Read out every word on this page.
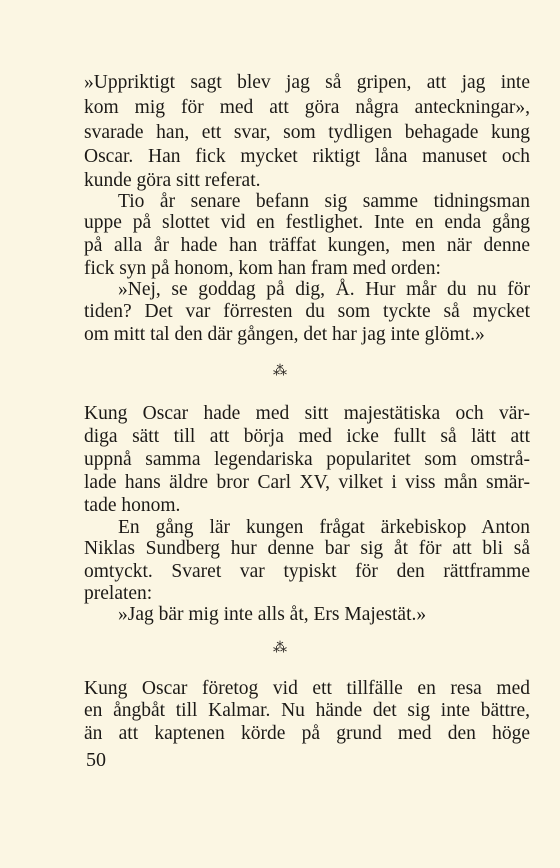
»Uppriktigt sagt blev jag så gripen, att jag inte
kom mig för med att göra några anteckningar»,
svarade han, ett svar, som tydligen behagade kung
Oscar. Han fick mycket riktigt låna manuset och
kunde göra sitt referat.
Tio år senare befann sig samme tidningsman
uppe på slottet vid en festlighet. Inte en enda gång
på alla år hade han träffat kungen, men när denne
fick syn på honom, kom han fram med orden:
»Nej, se goddag på dig, Å. Hur mår du nu för
tiden? Det var förresten du som tyckte så mycket
om mitt tal den där gången, det har jag inte glömt.»
⁂
Kung Oscar hade med sitt majestätiska och vär-
diga sätt till att börja med icke fullt så lätt att
uppnå samma legendariska popularitet som omstrå-
lade hans äldre bror Carl XV, vilket i viss mån smär-
tade honom.
En gång lär kungen frågat ärkebiskop Anton
Niklas Sundberg hur denne bar sig åt för att bli så
omtyckt. Svaret var typiskt för den rättframme
prelaten:
»Jag bär mig inte alls åt, Ers Majestät.»
⁂
Kung Oscar företog vid ett tillfälle en resa med
en ångbåt till Kalmar. Nu hände det sig inte bättre,
än att kaptenen körde på grund med den höge
50
